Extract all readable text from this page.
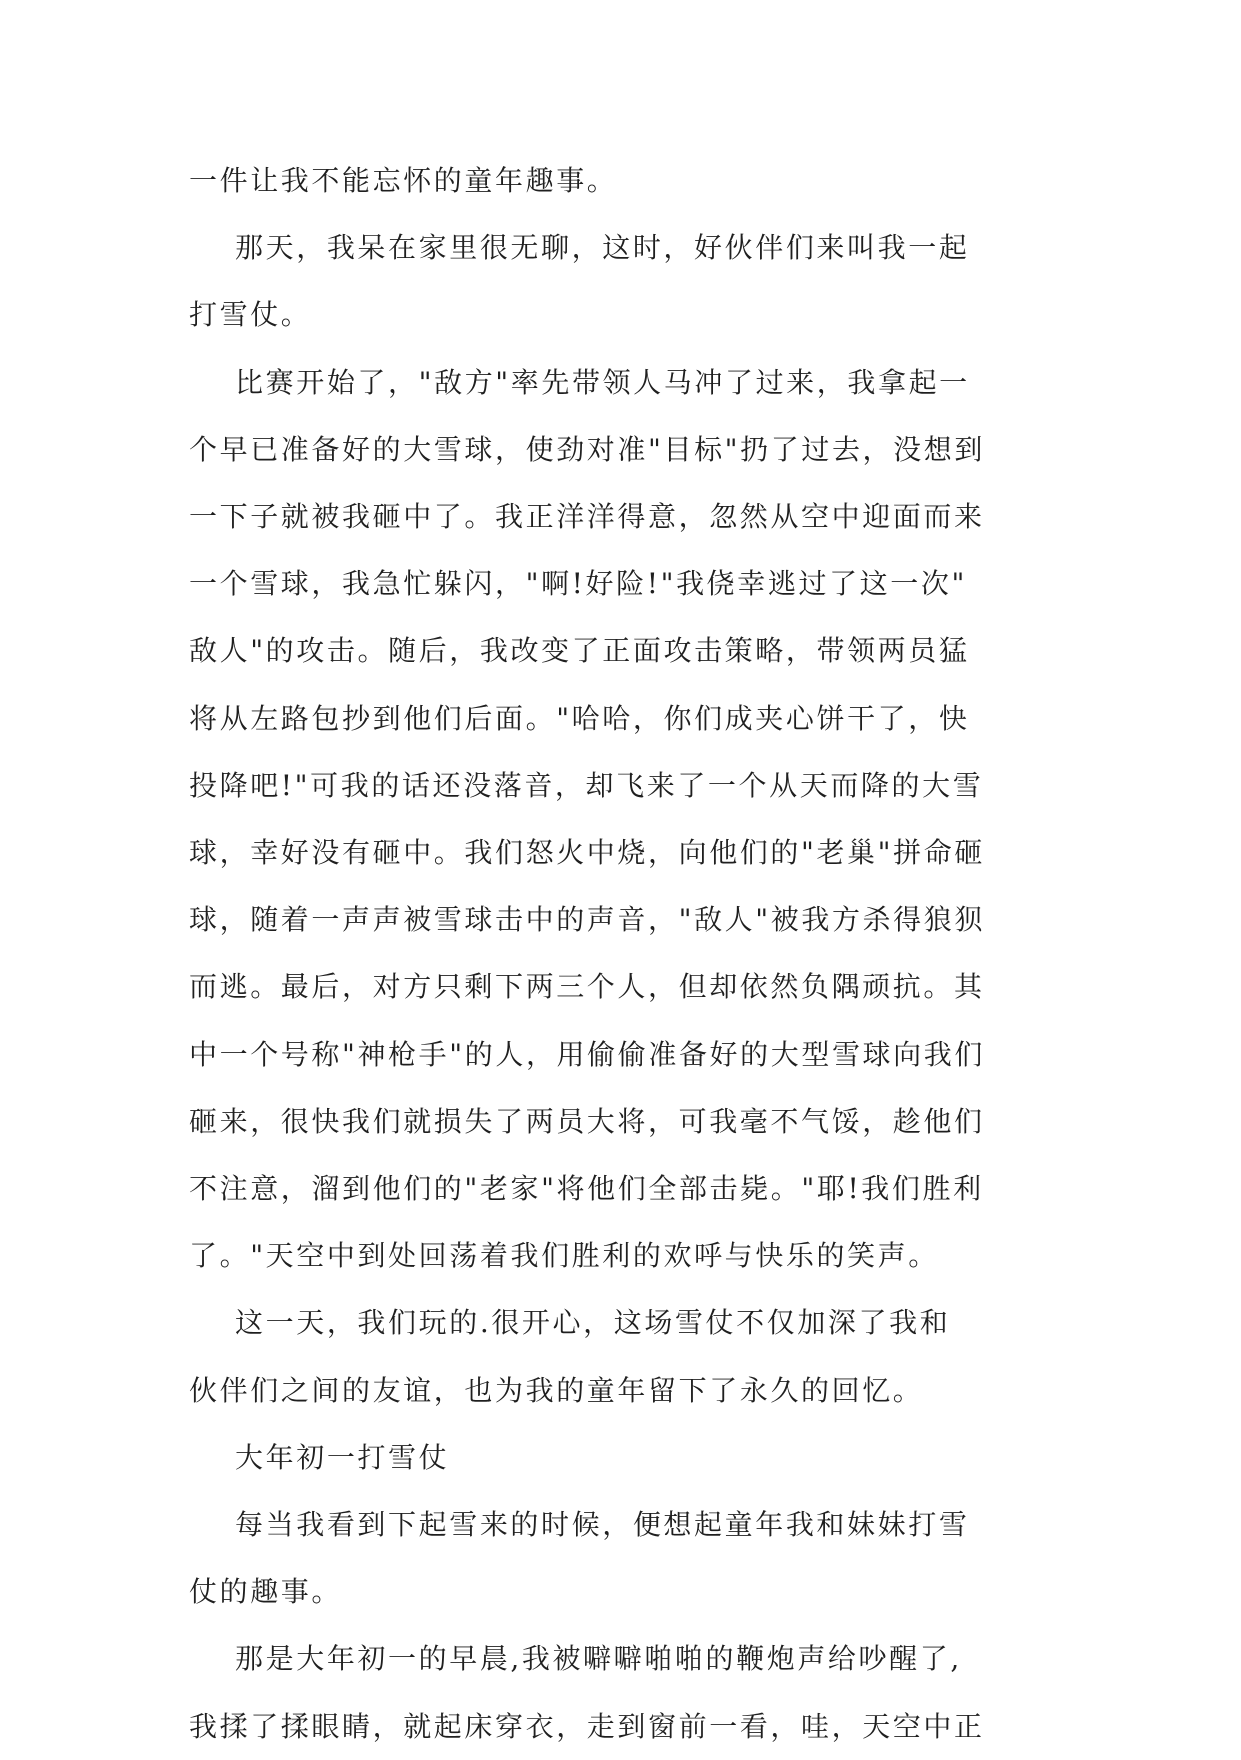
一件让我不能忘怀的童年趣事。
那天，我呆在家里很无聊，这时，好伙伴们来叫我一起
打雪仗。
比赛开始了，"敌方"率先带领人马冲了过来，我拿起一
个早已准备好的大雪球，使劲对准"目标"扔了过去，没想到
一下子就被我砸中了。我正洋洋得意，忽然从空中迎面而来
一个雪球，我急忙躲闪，"啊!好险!"我侥幸逃过了这一次"
敌人"的攻击。随后，我改变了正面攻击策略，带领两员猛
将从左路包抄到他们后面。"哈哈，你们成夹心饼干了，快
投降吧!"可我的话还没落音，却飞来了一个从天而降的大雪
球，幸好没有砸中。我们怒火中烧，向他们的"老巢"拼命砸
球，随着一声声被雪球击中的声音，"敌人"被我方杀得狼狈
而逃。最后，对方只剩下两三个人，但却依然负隅顽抗。其
中一个号称"神枪手"的人，用偷偷准备好的大型雪球向我们
砸来，很快我们就损失了两员大将，可我毫不气馁，趁他们
不注意，溜到他们的"老家"将他们全部击毙。"耶!我们胜利
了。"天空中到处回荡着我们胜利的欢呼与快乐的笑声。
这一天，我们玩的.很开心，这场雪仗不仅加深了我和
伙伴们之间的友谊，也为我的童年留下了永久的回忆。
大年初一打雪仗
每当我看到下起雪来的时候，便想起童年我和妹妹打雪
仗的趣事。
那是大年初一的早晨,我被噼噼啪啪的鞭炮声给吵醒了,
我揉了揉眼睛，就起床穿衣，走到窗前一看，哇，天空中正
